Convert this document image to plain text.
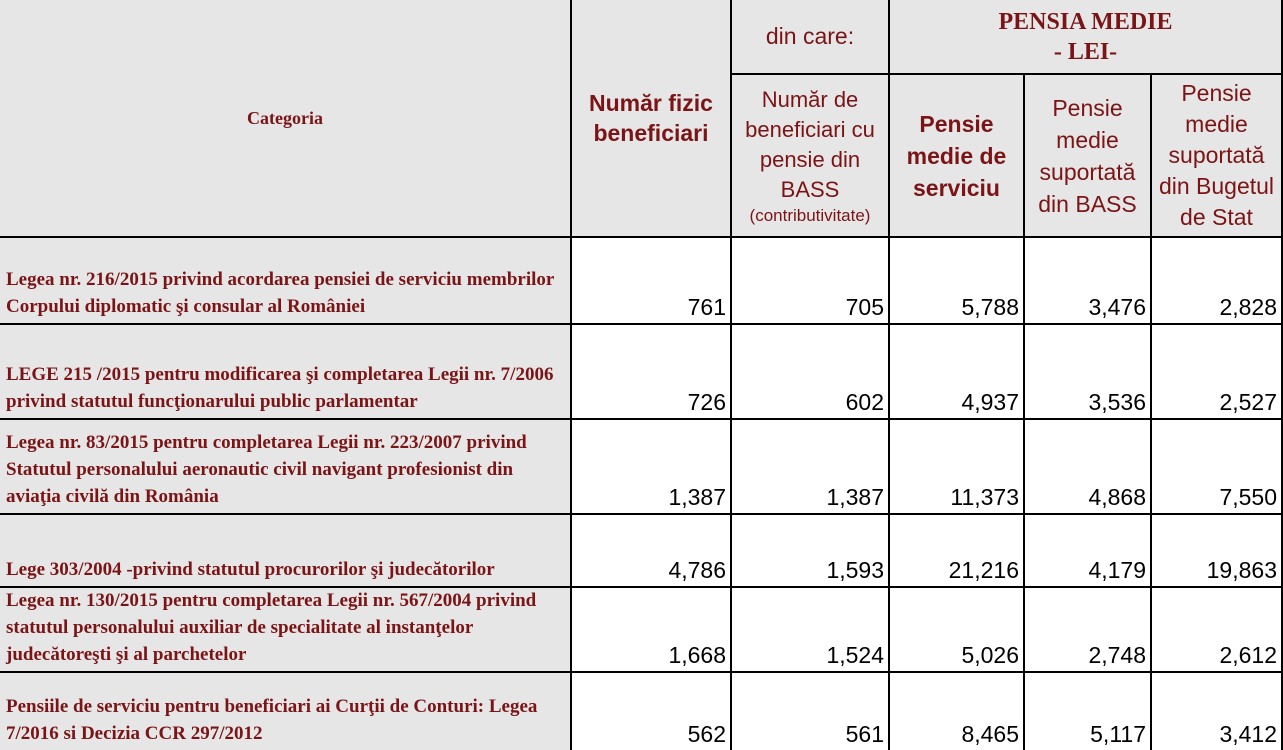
Categoria
Număr fizic beneficiari
din care:
PENSIA MEDIE
- LEI-
Număr de beneficiari cu pensie din BASS
(contributivitate)
Pensie medie de serviciu
Pensie medie suportată din BASS
Pensie medie suportată din Bugetul de Stat
Legea nr. 216/2015 privind acordarea pensiei de serviciu membrilor Corpului diplomatic şi consular al României	761	705	5,788	3,476	2,828
LEGE 215 /2015 pentru modificarea şi completarea Legii nr. 7/2006 privind statutul funcţionarului public parlamentar	726	602	4,937	3,536	2,527
Legea nr. 83/2015 pentru completarea Legii nr. 223/2007 privind Statutul personalului aeronautic civil navigant profesionist din aviaţia civilă din România	1,387	1,387	11,373	4,868	7,550
Lege 303/2004 -privind statutul procurorilor şi judecătorilor	4,786	1,593	21,216	4,179	19,863
Legea nr. 130/2015 pentru completarea Legii nr. 567/2004 privind statutul personalului auxiliar de specialitate al instanţelor judecătoreşti şi al parchetelor	1,668	1,524	5,026	2,748	2,612
Pensiile de serviciu pentru beneficiari ai Curţii de Conturi: Legea 7/2016 si Decizia CCR 297/2012	562	561	8,465	5,117	3,412
